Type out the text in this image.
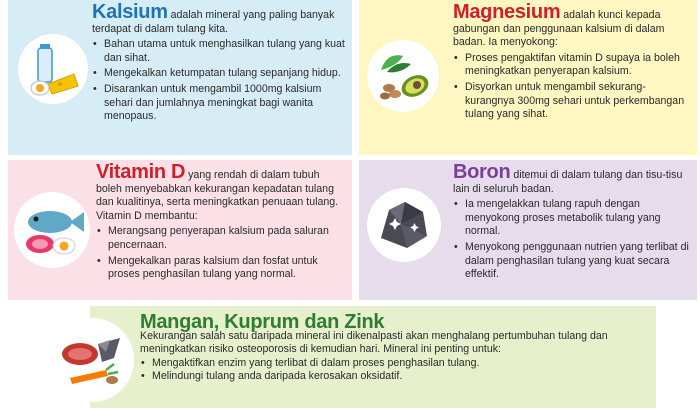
Kalsium adalah mineral yang paling banyak terdapat di dalam tulang kita.
• Bahan utama untuk menghasilkan tulang yang kuat dan sihat.
• Mengekalkan ketumpatan tulang sepanjang hidup.
• Disarankan untuk mengambil 1000mg kalsium sehari dan jumlahnya meningkat bagi wanita menopaus.
Magnesium adalah kunci kepada gabungan dan penggunaan kalsium di dalam badan. Ia menyokong:
• Proses pengaktifan vitamin D supaya ia boleh meningkatkan penyerapan kalsium.
• Disyorkan untuk mengambil sekurang-kurangnya 300mg sehari untuk perkembangan tulang yang sihat.
Vitamin D yang rendah di dalam tubuh boleh menyebabkan kekurangan kepadatan tulang dan kualitinya, serta meningkatkan penuaan tulang. Vitamin D membantu:
• Merangsang penyerapan kalsium pada saluran pencernaan.
• Mengekalkan paras kalsium dan fosfat untuk proses penghasilan tulang yang normal.
Boron ditemui di dalam tulang dan tisu-tisu lain di seluruh badan.
• Ia mengelakkan tulang rapuh dengan menyokong proses metabolik tulang yang normal.
• Menyokong penggunaan nutrien yang terlibat di dalam penghasilan tulang yang kuat secara effektif.
Mangan, Kuprum dan Zink
Kekurangan salah satu daripada mineral ini dikenalpasti akan menghalang pertumbuhan tulang dan meningkatkan risiko osteoporosis di kemudian hari. Mineral ini penting untuk:
• Mengaktifkan enzim yang terlibat di dalam proses penghasilan tulang.
• Melindungi tulang anda daripada kerosakan oksidatif.
